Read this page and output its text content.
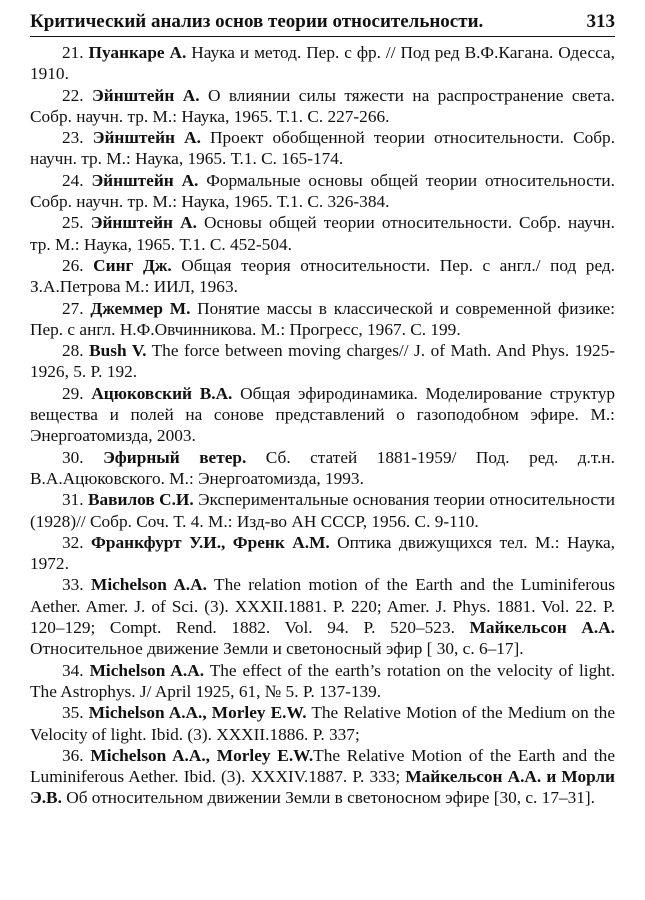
Критический анализ основ теории относительности.	313

21. Пуанкаре А. Наука и метод. Пер. с фр. // Под ред В.Ф.Кагана. Одесса, 1910.

22. Эйнштейн А. О влиянии силы тяжести на распространение света. Собр. научн. тр. М.: Наука, 1965. Т.1. С. 227-266.

23. Эйнштейн А. Проект обобщенной теории относительности. Собр. научн. тр. М.: Наука, 1965. Т.1. С. 165-174.

24. Эйнштейн А. Формальные основы общей теории относительности. Собр. научн. тр. М.: Наука, 1965. Т.1. С. 326-384.

25. Эйнштейн А. Основы общей теории относительности. Собр. научн. тр. М.: Наука, 1965. Т.1. С. 452-504.

26. Синг Дж. Общая теория относительности. Пер. с англ./ под ред. З.А.Петрова М.: ИИЛ, 1963.

27. Джеммер М. Понятие массы в классической и современной физике: Пер. с англ. Н.Ф.Овчинникова. М.: Прогресс, 1967. С. 199.

28. Bush V. The force between moving charges// J. of Math. And Phys. 1925-1926, 5. P. 192.

29. Ацюковский В.А. Общая эфиродинамика. Моделирование структур вещества и полей на сонове представлений о газоподобном эфире. М.: Энергоатомизда, 2003.

30. Эфирный ветер. Сб. статей 1881-1959/ Под. ред. д.т.н. В.А.Ацюковского. М.: Энергоатомизда, 1993.

31. Вавилов С.И. Экспериментальные основания теории относительности (1928)// Собр. Соч. Т. 4. М.: Изд-во АН СССР, 1956. С. 9-110.

32. Франкфурт У.И., Френк А.М. Оптика движущихся тел. М.: Наука, 1972.

33. Michelson A.A. The relation motion of the Earth and the Luminiferous Aether. Amer. J. of Sci. (3). XXXII.1881. P. 220; Amer. J. Phys. 1881. Vol. 22. P. 120–129; Compt. Rend. 1882. Vol. 94. P. 520–523. Майкельсон А.А. Относительное движение Земли и светоносный эфир [ 30, с. 6–17].

34. Michelson A.A. The effect of the earth’s rotation on the velocity of light. The Astrophys. J/ April 1925, 61, № 5. P. 137-139.

35. Michelson A.A., Morley E.W. The Relative Motion of the Medium on the Velocity of light. Ibid. (3). XXXII.1886. P. 337;

36. Michelson A.A., Morley E.W.The Relative Motion of the Earth and the Luminiferous Aether. Ibid. (3). XXXIV.1887. P. 333; Майкельсон А.А. и Морли Э.В. Об относительном движении Земли в светоносном эфире [30, с. 17–31].
